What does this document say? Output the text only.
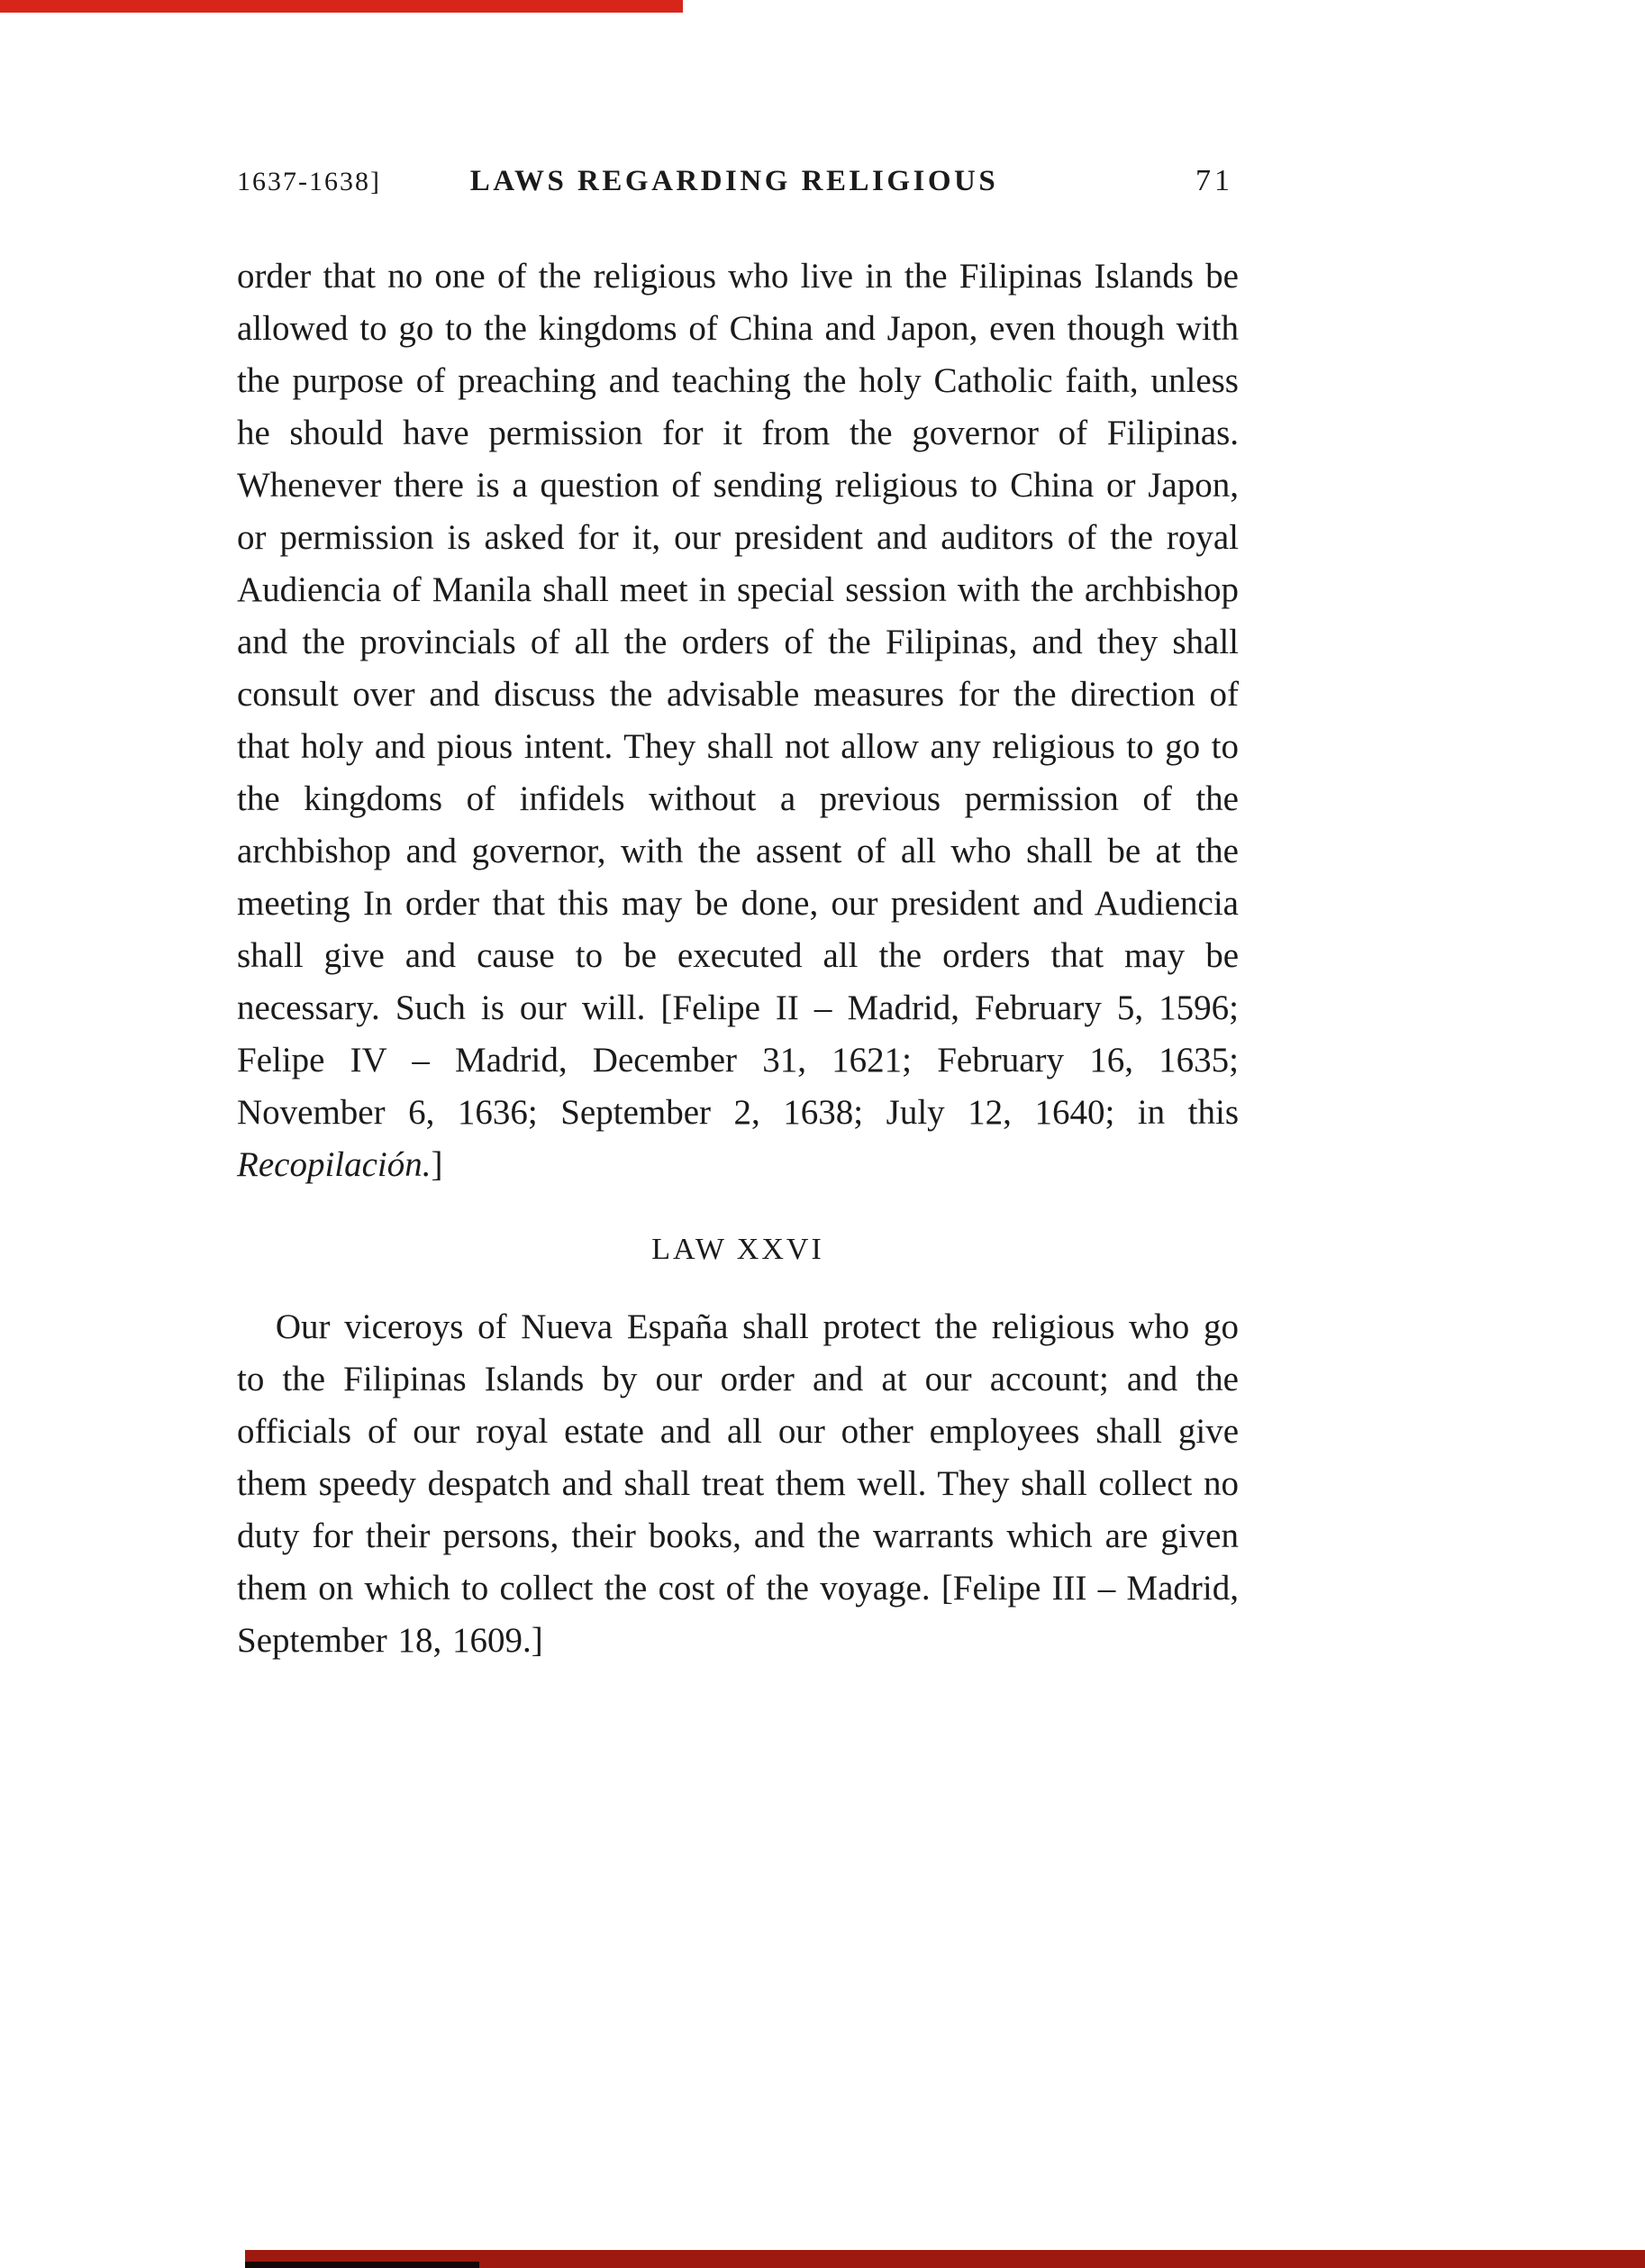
1637-1638]	LAWS REGARDING RELIGIOUS	71

order that no one of the religious who live in the Filipinas Islands be allowed to go to the kingdoms of China and Japon, even though with the purpose of preaching and teaching the holy Catholic faith, unless he should have permission for it from the governor of Filipinas. Whenever there is a question of sending religious to China or Japon, or permission is asked for it, our president and auditors of the royal Audiencia of Manila shall meet in special session with the archbishop and the provincials of all the orders of the Filipinas, and they shall consult over and discuss the advisable measures for the direction of that holy and pious intent. They shall not allow any religious to go to the kingdoms of infidels without a previous permission of the archbishop and governor, with the assent of all who shall be at the meeting In order that this may be done, our president and Audiencia shall give and cause to be executed all the orders that may be necessary. Such is our will. [Felipe II – Madrid, February 5, 1596; Felipe IV – Madrid, December 31, 1621; February 16, 1635; November 6, 1636; September 2, 1638; July 12, 1640; in this Recopilación.]

LAW XXVI

Our viceroys of Nueva España shall protect the religious who go to the Filipinas Islands by our order and at our account; and the officials of our royal estate and all our other employees shall give them speedy despatch and shall treat them well. They shall collect no duty for their persons, their books, and the warrants which are given them on which to collect the cost of the voyage. [Felipe III – Madrid, September 18, 1609.]
